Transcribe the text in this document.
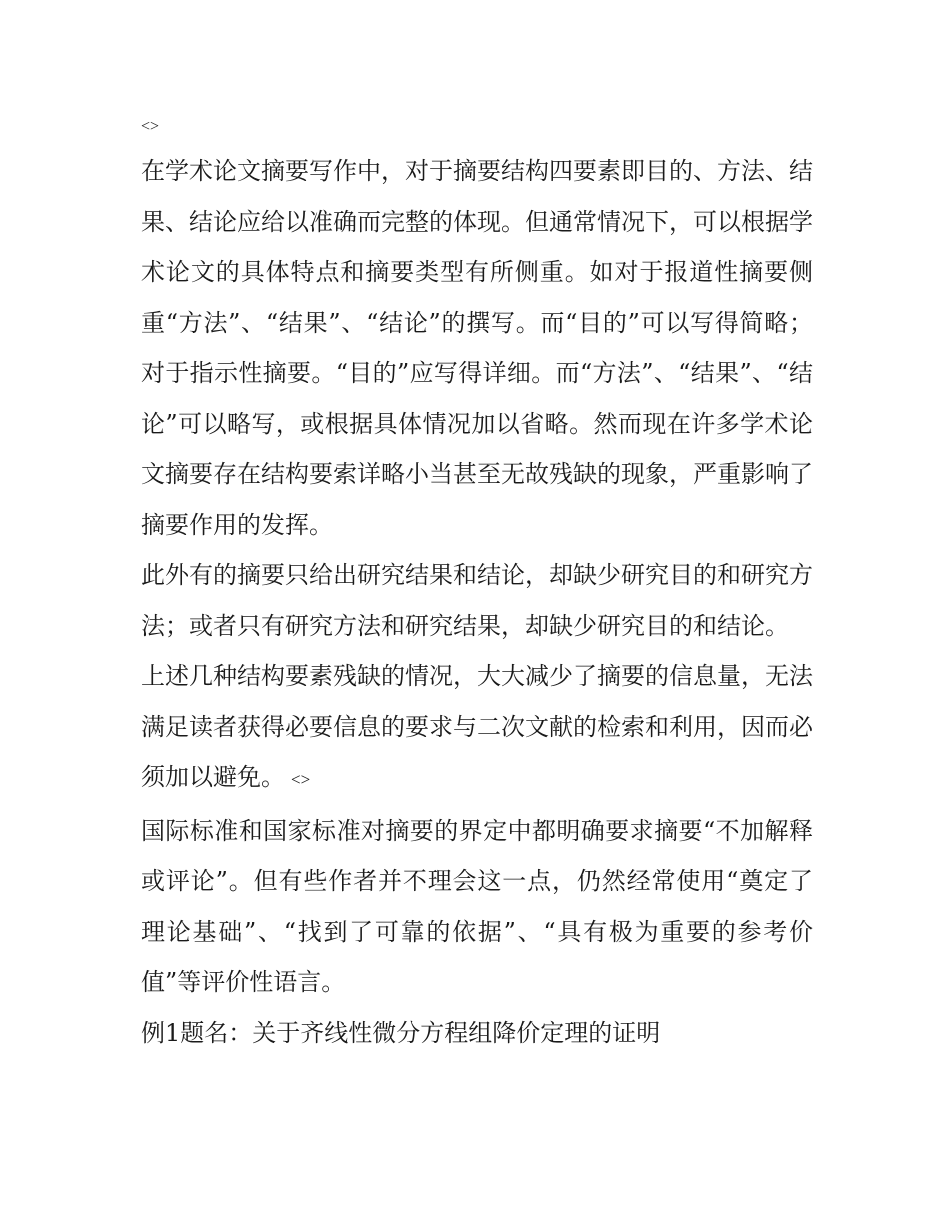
<>

在学术论文摘要写作中，对于摘要结构四要素即目的、方法、结果、结论应给以准确而完整的体现。但通常情况下，可以根据学术论文的具体特点和摘要类型有所侧重。如对于报道性摘要侧重“方法”、“结果”、“结论”的撰写。而“目的”可以写得简略；对于指示性摘要。“目的”应写得详细。而“方法”、“结果”、“结论”可以略写，或根据具体情况加以省略。然而现在许多学术论文摘要存在结构要索详略小当甚至无故残缺的现象，严重影响了摘要作用的发挥。

此外有的摘要只给出研究结果和结论，却缺少研究目的和研究方法；或者只有研究方法和研究结果，却缺少研究目的和结论。

上述几种结构要素残缺的情况，大大减少了摘要的信息量，无法满足读者获得必要信息的要求与二次文献的检索和利用，因而必须加以避免。 <>

国际标准和国家标准对摘要的界定中都明确要求摘要“不加解释或评论”。但有些作者并不理会这一点，仍然经常使用“奠定了理论基础”、“找到了可靠的依据”、“具有极为重要的参考价值”等评价性语言。

例1题名：关于齐线性微分方程组降价定理的证明
